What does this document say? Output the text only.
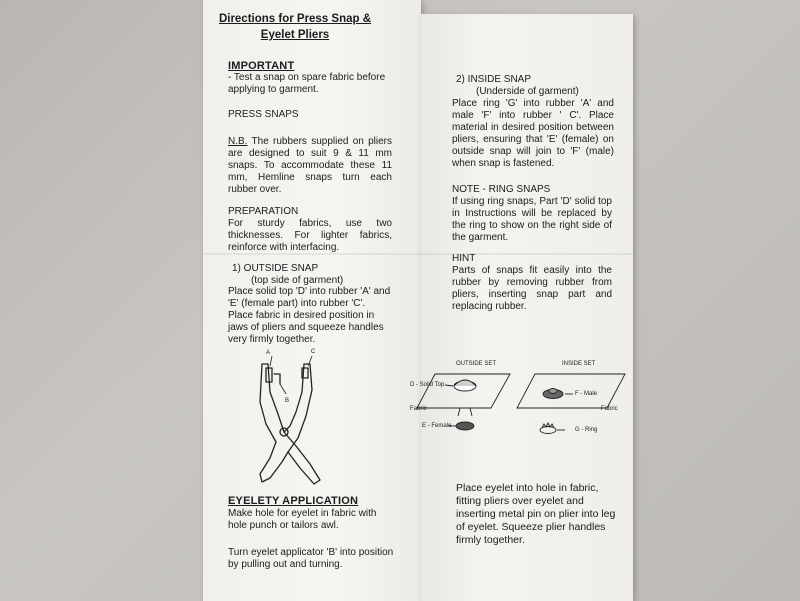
Directions for Press Snap &

Eyelet Pliers

IMPORTANT

- Test a snap on spare fabric before applying to garment.

PRESS SNAPS

N.B. The rubbers supplied on pliers are designed to suit 9 & 11 mm snaps. To accommodate these 11 mm, Hemline snaps turn each rubber over.

PREPARATION

For sturdy fabrics, use two thicknesses. For lighter fabrics, reinforce with interfacing.

1) OUTSIDE SNAP

(top side of garment)

Place solid top 'D' into rubber 'A' and 'E' (female part) into rubber 'C'. Place fabric in desired position in jaws of pliers and squeeze handles very firmly together.

A	C
B

EYELETY APPLICATION

Make hole for eyelet in fabric with hole punch or tailors awl.

Turn eyelet applicator 'B' into position by pulling out and turning.

2) INSIDE SNAP

(Underside of garment)

Place ring 'G' into rubber 'A' and male 'F' into rubber ' C'. Place material in desired position between pliers, ensuring that 'E' (female) on outside snap will join to 'F' (male) when snap is fastened.

NOTE - RING SNAPS

If using ring snaps, Part 'D' solid top in Instructions will be replaced by the ring to show on the right side of the garment.

HINT

Parts of snaps fit easily into the rubber by removing rubber from pliers, inserting snap part and replacing rubber.

OUTSIDE SET	INSIDE SET
D - Solid Top
Fabric
E - Female
F - Male
Fabric
G - Ring

Place eyelet into hole in fabric, fitting pliers over eyelet and inserting metal pin on plier into leg of eyelet. Squeeze plier handles firmly together.
